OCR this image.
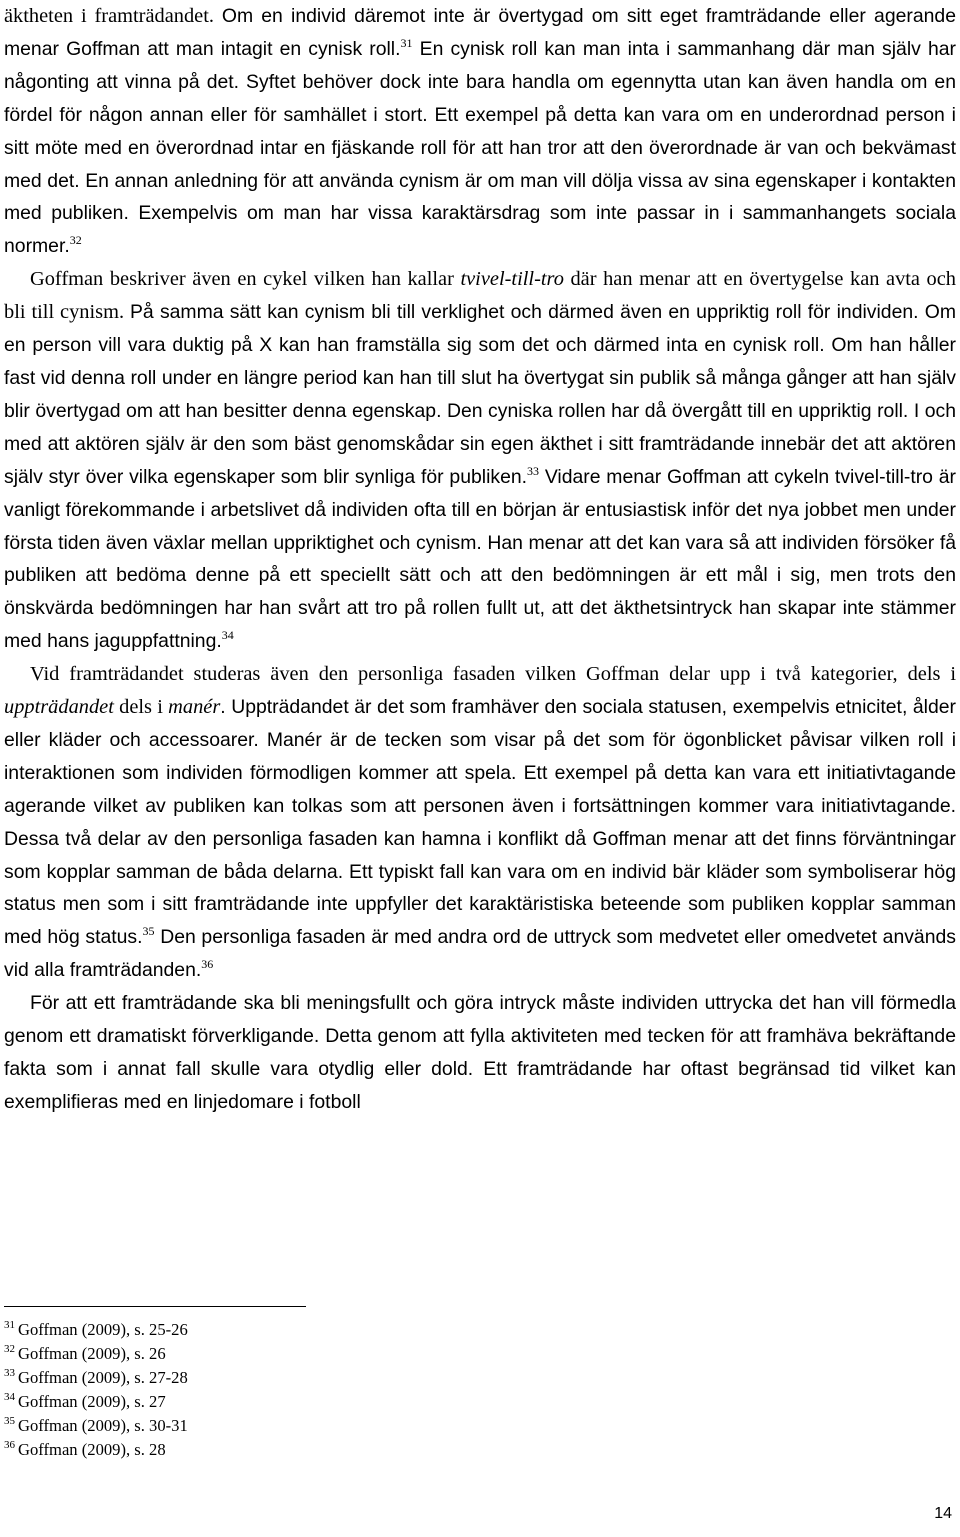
äktheten i framträdandet. Om en individ däremot inte är övertygad om sitt eget framträdande eller agerande menar Goffman att man intagit en cynisk roll.$^{31}$ En cynisk roll kan man inta i sammanhang där man själv har någonting att vinna på det. Syftet behöver dock inte bara handla om egennytta utan kan även handla om en fördel för någon annan eller för samhället i stort. Ett exempel på detta kan vara om en underordnad person i sitt möte med en överordnad intar en fjäskande roll för att han tror att den överordnade är van och bekvämast med det. En annan anledning för att använda cynism är om man vill dölja vissa av sina egenskaper i kontakten med publiken. Exempelvis om man har vissa karaktärsdrag som inte passar in i sammanhangets sociala normer.$^{32}$

Goffman beskriver även en cykel vilken han kallar tvivel-till-tro där han menar att en övertygelse kan avta och bli till cynism. På samma sätt kan cynism bli till verklighet och därmed även en uppriktig roll för individen. Om en person vill vara duktig på X kan han framställa sig som det och därmed inta en cynisk roll. Om han håller fast vid denna roll under en längre period kan han till slut ha övertygat sin publik så många gånger att han själv blir övertygad om att han besitter denna egenskap. Den cyniska rollen har då övergått till en uppriktig roll. I och med att aktören själv är den som bäst genomskådar sin egen äkthet i sitt framträdande innebär det att aktören själv styr över vilka egenskaper som blir synliga för publiken.$^{33}$ Vidare menar Goffman att cykeln tvivel-till-tro är vanligt förekommande i arbetslivet då individen ofta till en början är entusiastisk inför det nya jobbet men under första tiden även växlar mellan uppriktighet och cynism. Han menar att det kan vara så att individen försöker få publiken att bedöma denne på ett speciellt sätt och att den bedömningen är ett mål i sig, men trots den önskvärda bedömningen har han svårt att tro på rollen fullt ut, att det äkthetsintryck han skapar inte stämmer med hans jaguppfattning.$^{34}$

Vid framträdandet studeras även den personliga fasaden vilken Goffman delar upp i två kategorier, dels i uppträdandet dels i manér. Uppträdandet är det som framhäver den sociala statusen, exempelvis etnicitet, ålder eller kläder och accessoarer. Manér är de tecken som visar på det som för ögonblicket påvisar vilken roll i interaktionen som individen förmodligen kommer att spela. Ett exempel på detta kan vara ett initiativtagande agerande vilket av publiken kan tolkas som att personen även i fortsättningen kommer vara initiativtagande. Dessa två delar av den personliga fasaden kan hamna i konflikt då Goffman menar att det finns förväntningar som kopplar samman de båda delarna. Ett typiskt fall kan vara om en individ bär kläder som symboliserar hög status men som i sitt framträdande inte uppfyller det karaktäristiska beteende som publiken kopplar samman med hög status.$^{35}$ Den personliga fasaden är med andra ord de uttryck som medvetet eller omedvetet används vid alla framträdanden.$^{36}$

För att ett framträdande ska bli meningsfullt och göra intryck måste individen uttrycka det han vill förmedla genom ett dramatiskt förverkligande. Detta genom att fylla aktiviteten med tecken för att framhäva bekräftande fakta som i annat fall skulle vara otydlig eller dold. Ett framträdande har oftast begränsad tid vilket kan exemplifieras med en linjedomare i fotboll

$^{31}$ Goffman (2009), s. 25-26
$^{32}$ Goffman (2009), s. 26
$^{33}$ Goffman (2009), s. 27-28
$^{34}$ Goffman (2009), s. 27
$^{35}$ Goffman (2009), s. 30-31
$^{36}$ Goffman (2009), s. 28
14
